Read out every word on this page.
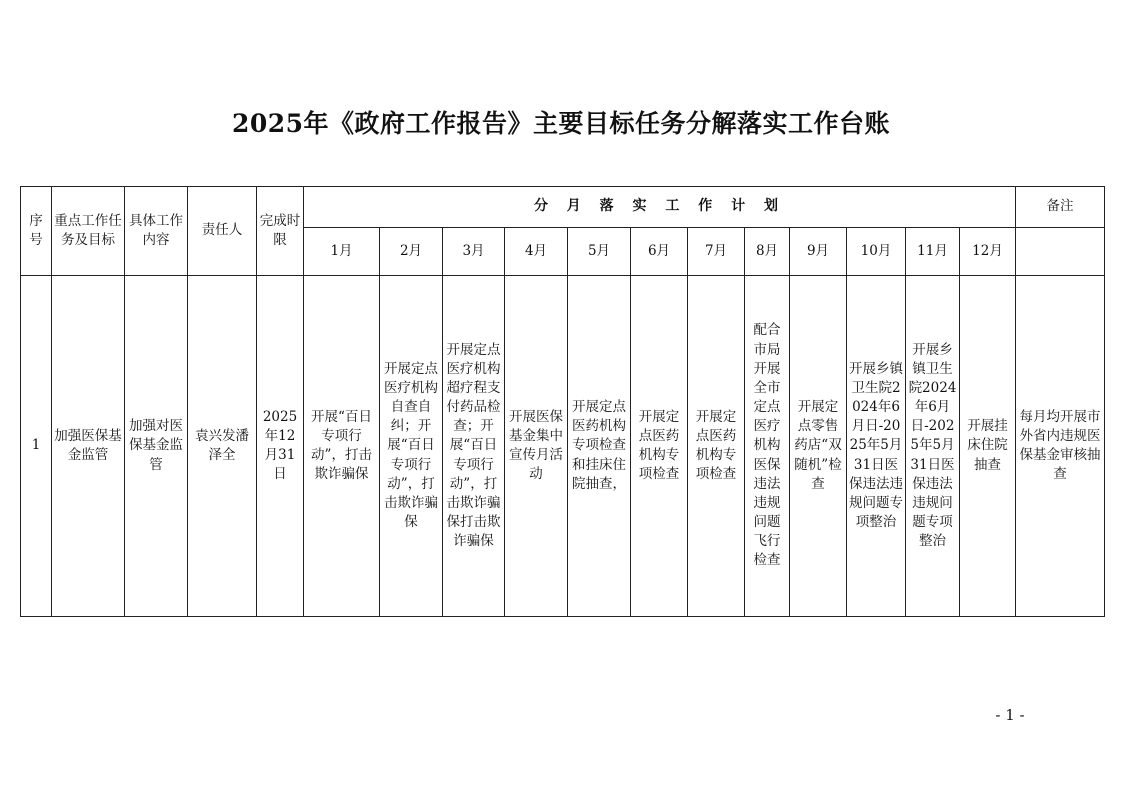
2025年《政府工作报告》主要目标任务分解落实工作台账
序号	重点工作任务及目标	具体工作内容	责任人	完成时限	分 月 落 实 工 作 计 划												备注
					1月	2月	3月	4月	5月	6月	7月	8月	9月	10月	11月	12月	
1	加强医保基金监管	加强对医保基金监管	袁兴发潘泽全	2025年12月31日	开展“百日专项行动”，打击欺诈骗保	开展定点医疗机构自查自纠；开展“百日专项行动”，打击欺诈骗保	开展定点医疗机构超疗程支付药品检查；开展“百日专项行动”，打击欺诈骗保打击欺诈骗保	开展医保基金集中宣传月活动	开展定点医药机构专项检查和挂床住院抽查，	开展定点医药机构专项检查	开展定点医药机构专项检查	配合市局开展全市定点医疗机构医保违法违规问题飞行检查	开展定点零售药店“双随机”检查	开展乡镇卫生院2024年6月日-2025年5月31日医保违法违规问题专项整治	开展乡镇卫生院2024年6月日-2025年5月31日医保违法违规问题专项整治	开展挂床住院抽查	每月均开展市外省内违规医保基金审核抽查
- 1 -
